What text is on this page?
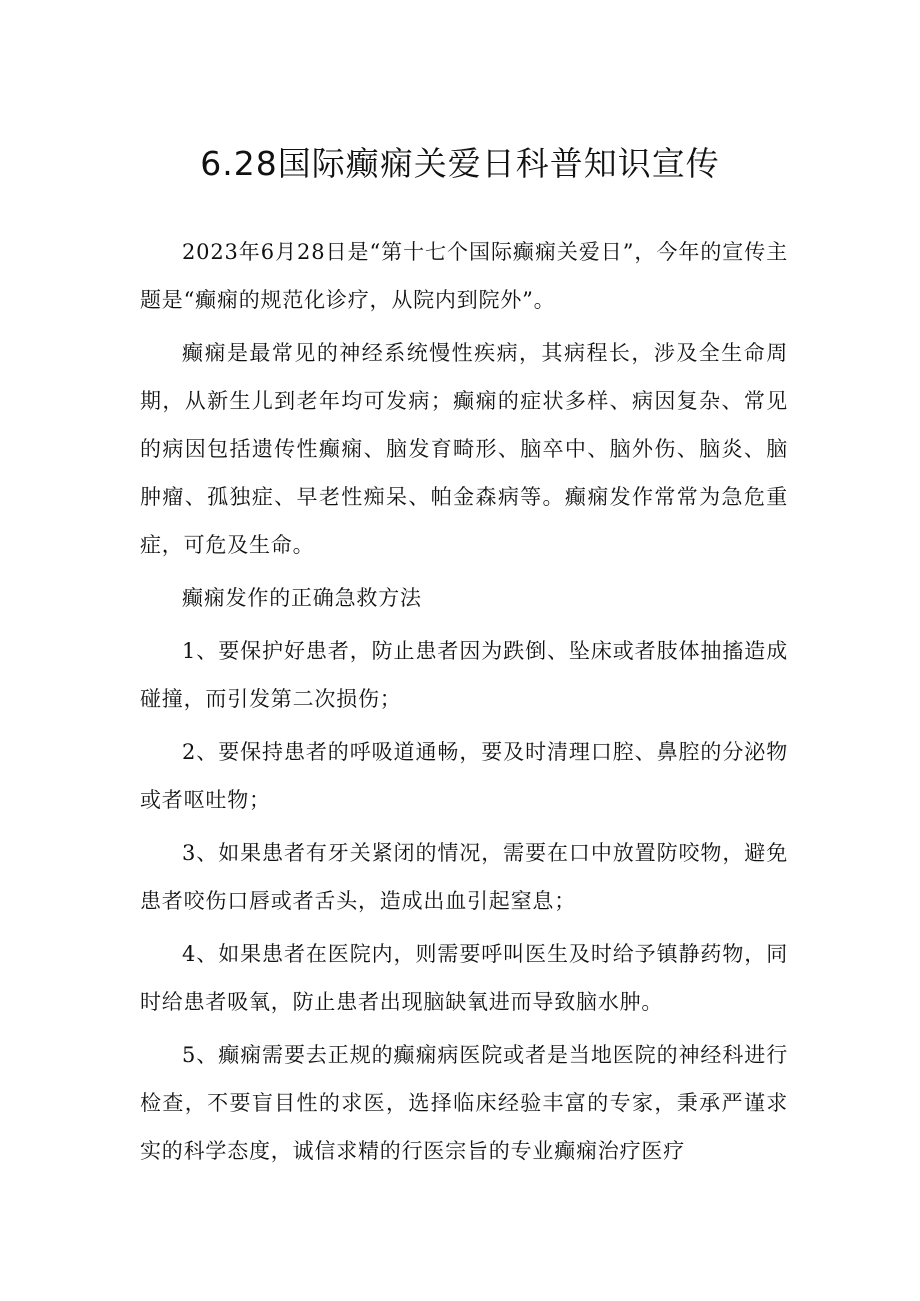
6.28国际癫痫关爱日科普知识宣传

2023年6月28日是“第十七个国际癫痫关爱日”，今年的宣传主题是“癫痫的规范化诊疗，从院内到院外”。

癫痫是最常见的神经系统慢性疾病，其病程长，涉及全生命周期，从新生儿到老年均可发病；癫痫的症状多样、病因复杂、常见的病因包括遗传性癫痫、脑发育畸形、脑卒中、脑外伤、脑炎、脑肿瘤、孤独症、早老性痴呆、帕金森病等。癫痫发作常常为急危重症，可危及生命。

癫痫发作的正确急救方法

1、要保护好患者，防止患者因为跌倒、坠床或者肢体抽搐造成碰撞，而引发第二次损伤；

2、要保持患者的呼吸道通畅，要及时清理口腔、鼻腔的分泌物或者呕吐物；

3、如果患者有牙关紧闭的情况，需要在口中放置防咬物，避免患者咬伤口唇或者舌头，造成出血引起窒息；

4、如果患者在医院内，则需要呼叫医生及时给予镇静药物，同时给患者吸氧，防止患者出现脑缺氧进而导致脑水肿。

5、癫痫需要去正规的癫痫病医院或者是当地医院的神经科进行检查，不要盲目性的求医，选择临床经验丰富的专家，秉承严谨求实的科学态度，诚信求精的行医宗旨的专业癫痫治疗医疗
